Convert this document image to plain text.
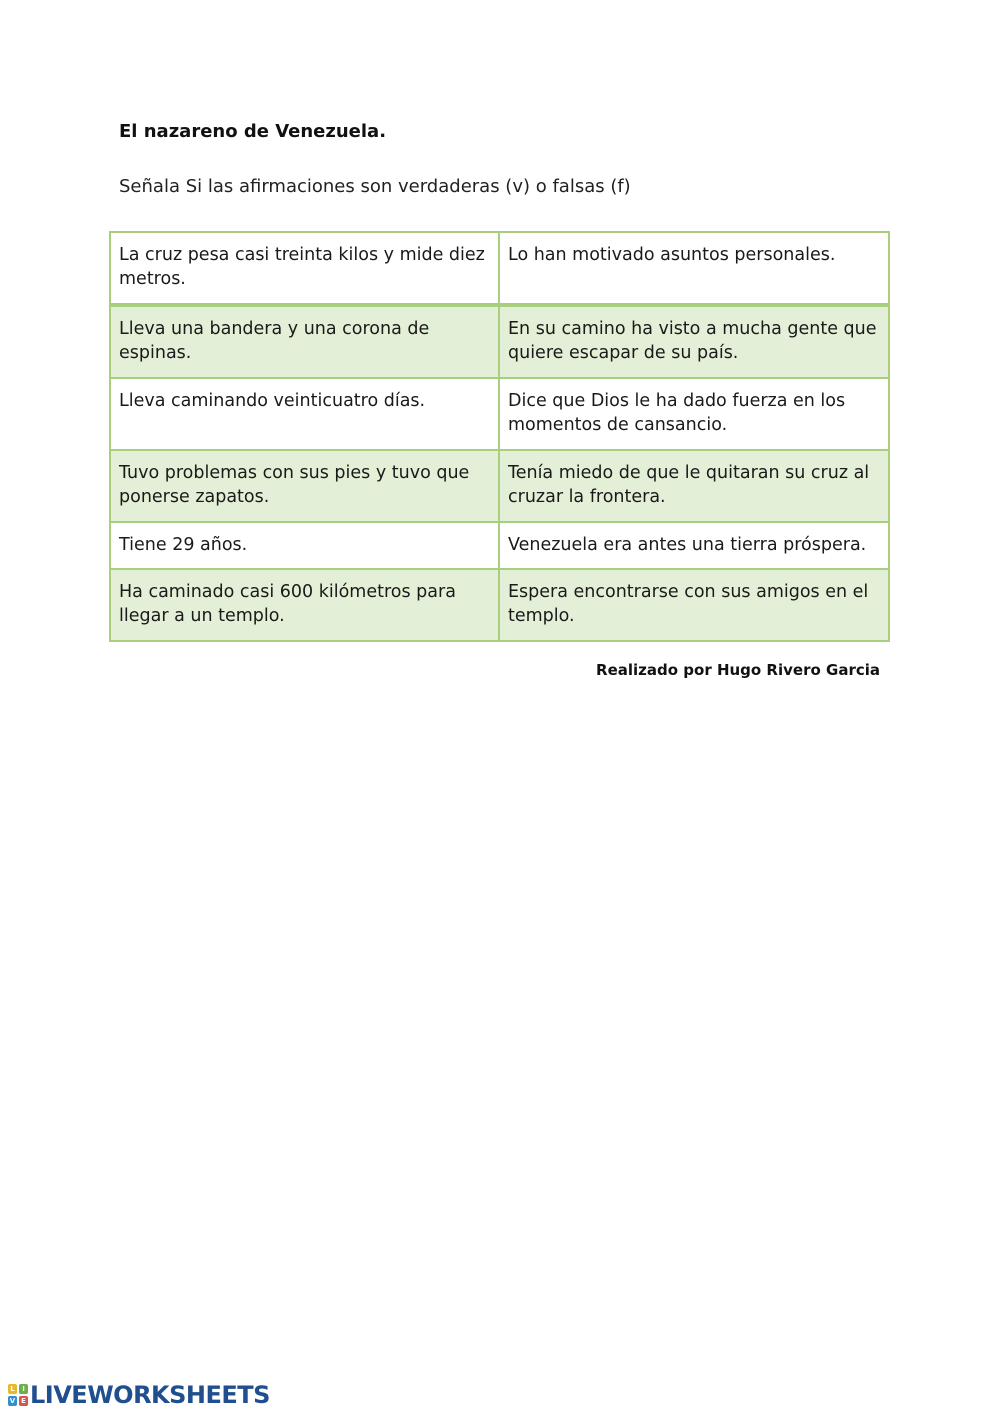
El nazareno de Venezuela.
Señala Si las afirmaciones son verdaderas (v) o falsas (f)
La cruz pesa casi treinta kilos y mide diez metros.	Lo han motivado asuntos personales.
Lleva una bandera y una corona de espinas.	En su camino ha visto a mucha gente que quiere escapar de su país.
Lleva caminando veinticuatro días.	Dice que Dios le ha dado fuerza en los momentos de cansancio.
Tuvo problemas con sus pies y tuvo que ponerse zapatos.	Tenía miedo de que le quitaran su cruz al cruzar la frontera.
Tiene 29 años.	Venezuela era antes una tierra próspera.
Ha caminado casi 600 kilómetros para llegar a un templo.	Espera encontrarse con sus amigos en el templo.
Realizado por Hugo Rivero Garcia
L	I
V E LIVEWORKSHEETS
